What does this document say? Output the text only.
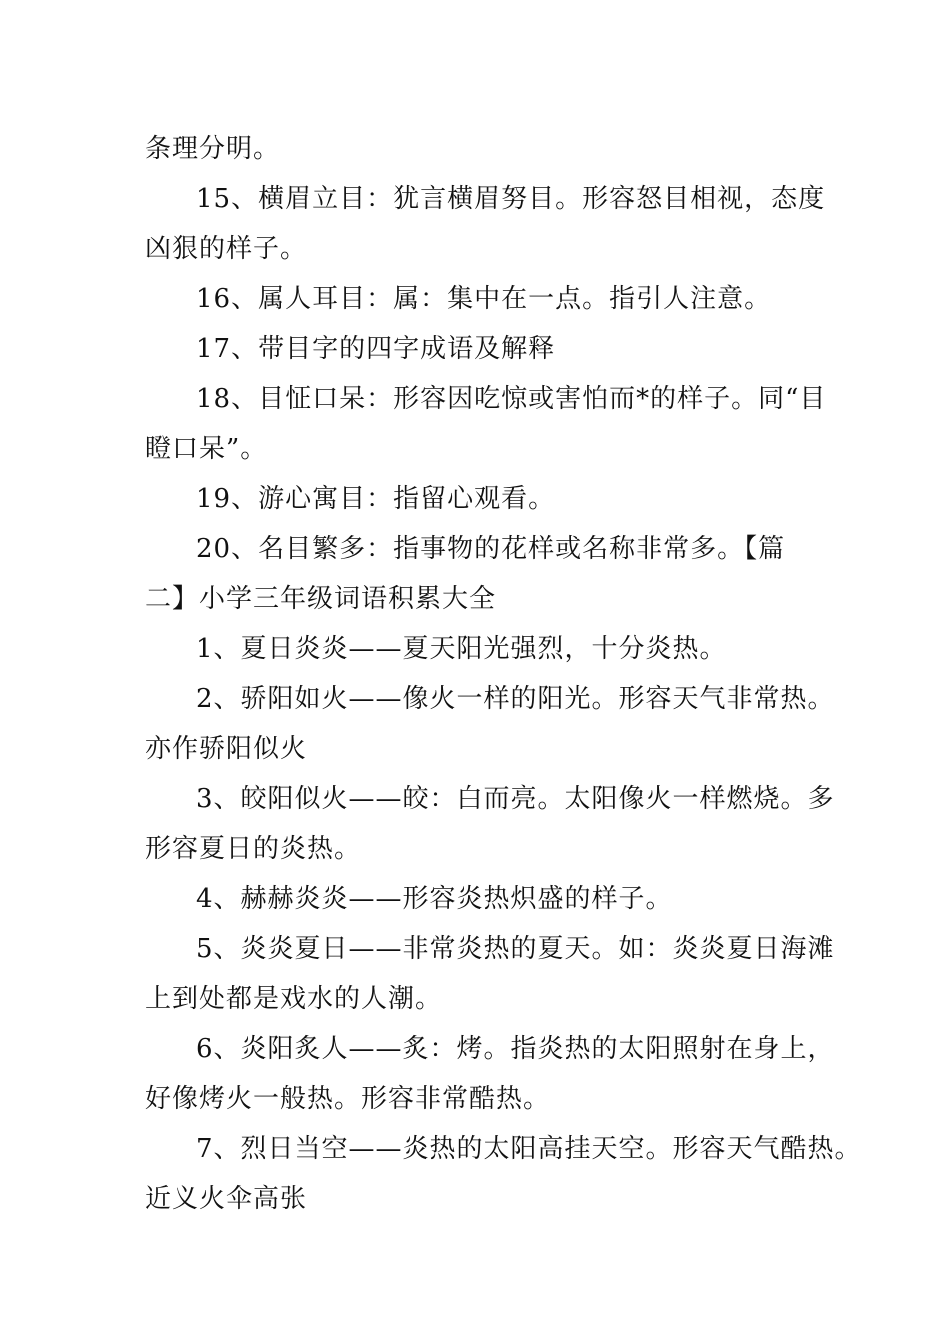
条理分明。
15、横眉立目：犹言横眉努目。形容怒目相视，态度
凶狠的样子。
16、属人耳目：属：集中在一点。指引人注意。
17、带目字的四字成语及解释
18、目怔口呆：形容因吃惊或害怕而*的样子。同“目
瞪口呆”。
19、游心寓目：指留心观看。
20、名目繁多：指事物的花样或名称非常多。【篇
二】小学三年级词语积累大全
1、夏日炎炎——夏天阳光强烈，十分炎热。
2、骄阳如火——像火一样的阳光。形容天气非常热。
亦作骄阳似火
3、皎阳似火——皎：白而亮。太阳像火一样燃烧。多
形容夏日的炎热。
4、赫赫炎炎——形容炎热炽盛的样子。
5、炎炎夏日——非常炎热的夏天。如：炎炎夏日海滩
上到处都是戏水的人潮。
6、炎阳炙人——炙：烤。指炎热的太阳照射在身上，
好像烤火一般热。形容非常酷热。
7、烈日当空——炎热的太阳高挂天空。形容天气酷热。
近义火伞高张
